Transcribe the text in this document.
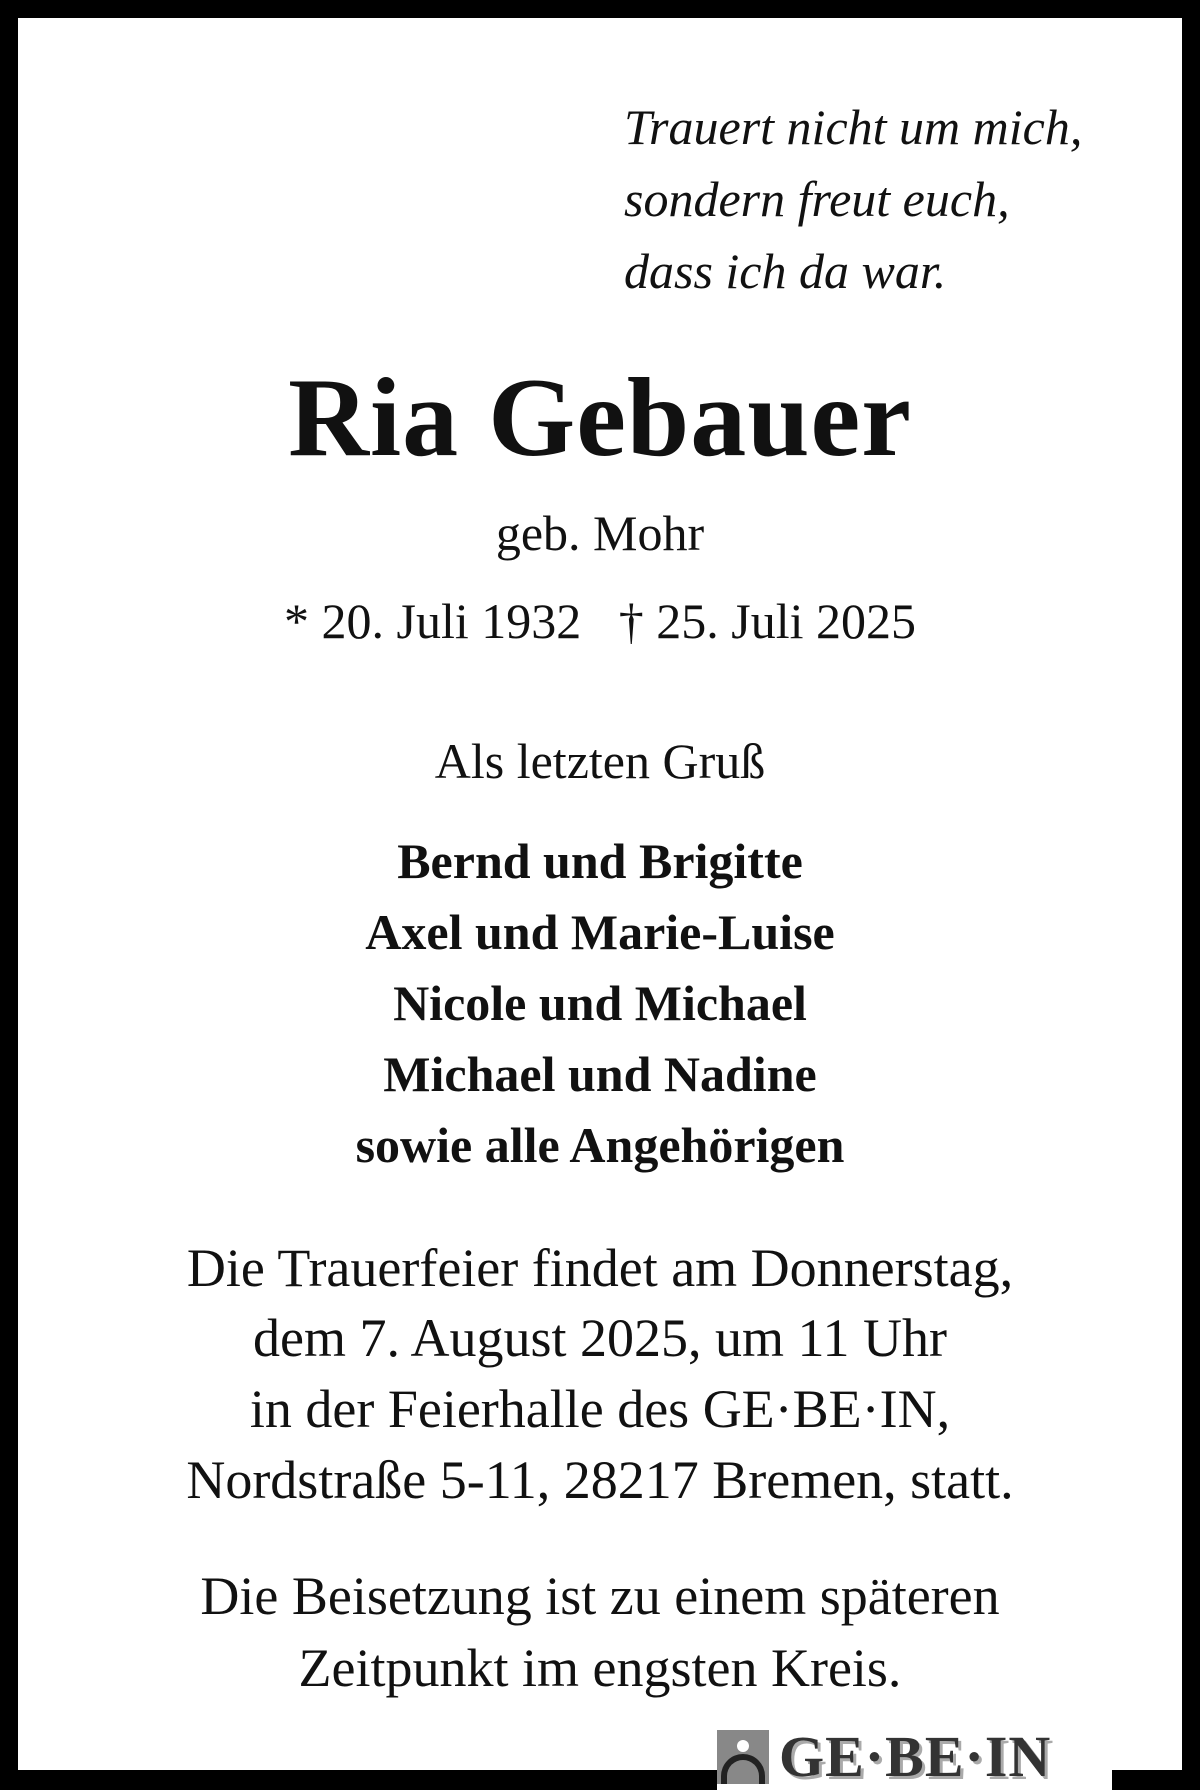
Trauert nicht um mich,
sondern freut euch,
dass ich da war.
Ria Gebauer
geb. Mohr
* 20. Juli 1932   † 25. Juli 2025
Als letzten Gruß
Bernd und Brigitte
Axel und Marie-Luise
Nicole und Michael
Michael und Nadine
sowie alle Angehörigen
Die Trauerfeier findet am Donnerstag,
dem 7. August 2025, um 11 Uhr
in der Feierhalle des GE·BE·IN,
Nordstraße 5-11, 28217 Bremen, statt.
Die Beisetzung ist zu einem späteren
Zeitpunkt im engsten Kreis.
GE·BE·IN
